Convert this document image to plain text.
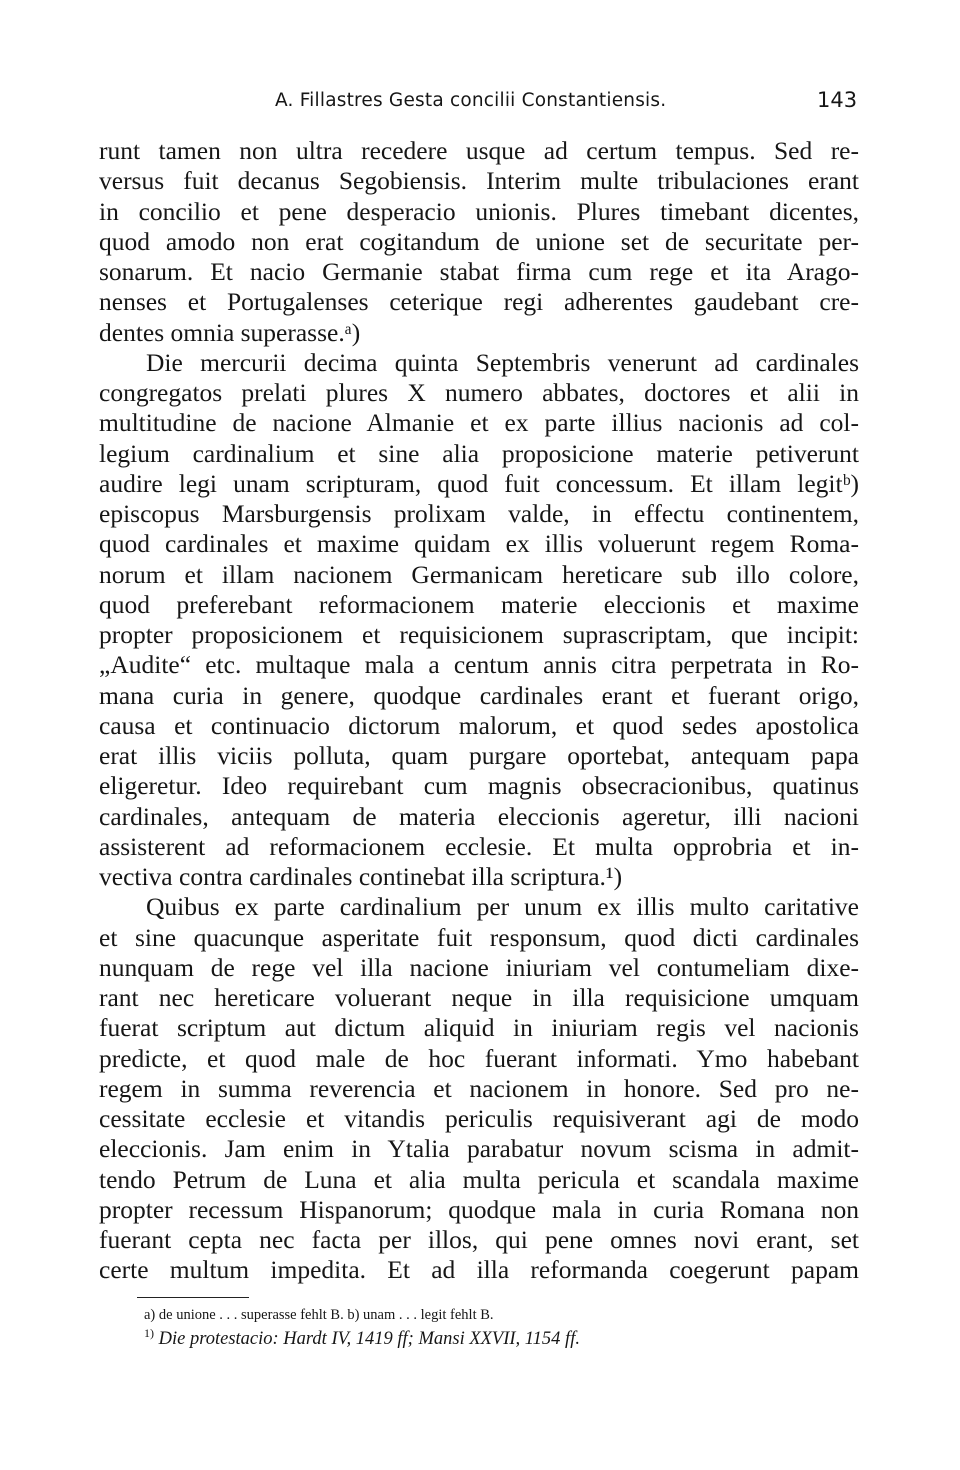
A. Fillastres Gesta concilii Constantiensis.	143
runt tamen non ultra recedere usque ad certum tempus. Sed re-
versus fuit decanus Segobiensis. Interim multe tribulaciones erant
in concilio et pene desperacio unionis. Plures timebant dicentes,
quod amodo non erat cogitandum de unione set de securitate per-
sonarum. Et nacio Germanie stabat firma cum rege et ita Arago-
nenses et Portugalenses ceterique regi adherentes gaudebant cre-
dentes omnia superasse.ᵃ)
Die mercurii decima quinta Septembris venerunt ad cardinales
congregatos prelati plures X numero abbates, doctores et alii in
multitudine de nacione Almanie et ex parte illius nacionis ad col-
legium cardinalium et sine alia proposicione materie petiverunt
audire legi unam scripturam, quod fuit concessum. Et illam legitᵇ)
episcopus Marsburgensis prolixam valde, in effectu continentem,
quod cardinales et maxime quidam ex illis voluerunt regem Roma-
norum et illam nacionem Germanicam hereticare sub illo colore,
quod preferebant reformacionem materie eleccionis et maxime
propter proposicionem et requisicionem suprascriptam, que incipit:
„Audite“ etc. multaque mala a centum annis citra perpetrata in Ro-
mana curia in genere, quodque cardinales erant et fuerant origo,
causa et continuacio dictorum malorum, et quod sedes apostolica
erat illis viciis polluta, quam purgare oportebat, antequam papa
eligeretur. Ideo requirebant cum magnis obsecracionibus, quatinus
cardinales, antequam de materia eleccionis ageretur, illi nacioni
assisterent ad reformacionem ecclesie. Et multa opprobria et in-
vectiva contra cardinales continebat illa scriptura.¹)
Quibus ex parte cardinalium per unum ex illis multo caritative
et sine quacunque asperitate fuit responsum, quod dicti cardinales
nunquam de rege vel illa nacione iniuriam vel contumeliam dixe-
rant nec hereticare voluerant neque in illa requisicione umquam
fuerat scriptum aut dictum aliquid in iniuriam regis vel nacionis
predicte, et quod male de hoc fuerant informati. Ymo habebant
regem in summa reverencia et nacionem in honore. Sed pro ne-
cessitate ecclesie et vitandis periculis requisiverant agi de modo
eleccionis. Jam enim in Ytalia parabatur novum scisma in admit-
tendo Petrum de Luna et alia multa pericula et scandala maxime
propter recessum Hispanorum; quodque mala in curia Romana non
fuerant cepta nec facta per illos, qui pene omnes novi erant, set
certe multum impedita. Et ad illa reformanda coegerunt papam
a) de unione . . . superasse fehlt B. b) unam . . . legit fehlt B.
$^{1)}$ Die protestacio: Hardt IV, 1419 ff; Mansi XXVII, 1154 ff.
